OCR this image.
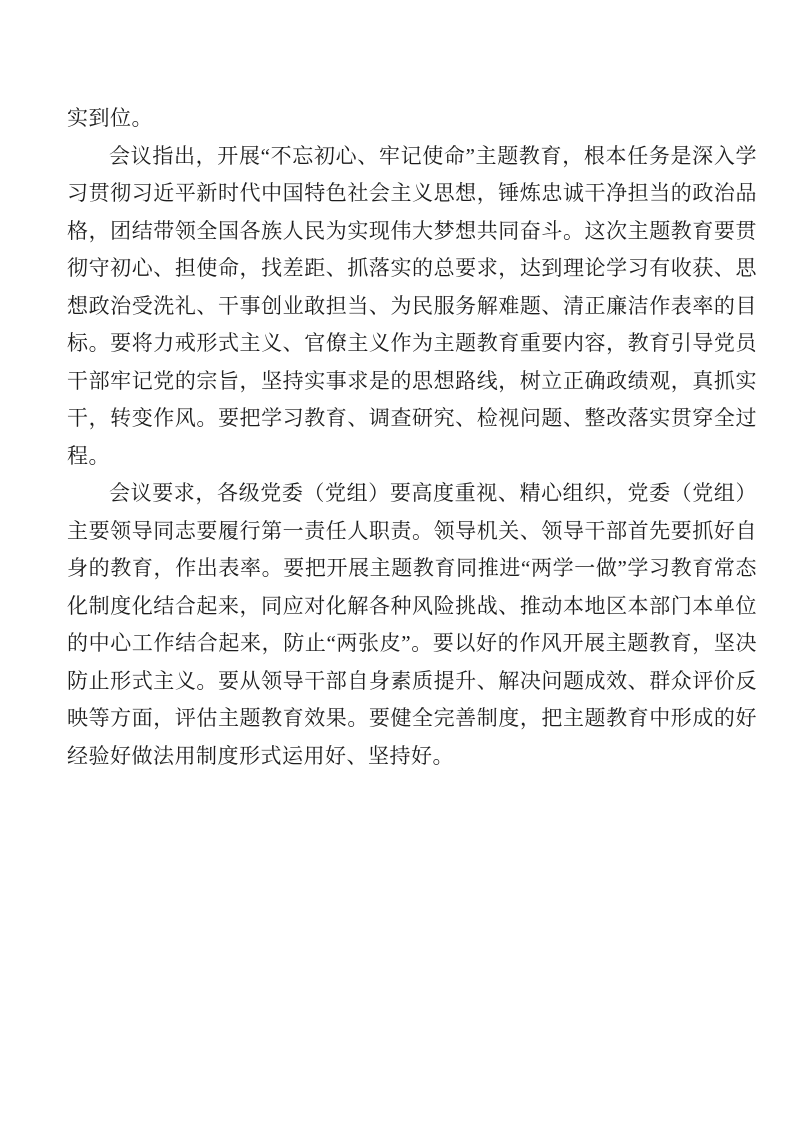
实到位。

会议指出，开展“不忘初心、牢记使命”主题教育，根本任务是深入学习贯彻习近平新时代中国特色社会主义思想，锤炼忠诚干净担当的政治品格，团结带领全国各族人民为实现伟大梦想共同奋斗。这次主题教育要贯彻守初心、担使命，找差距、抓落实的总要求，达到理论学习有收获、思想政治受洗礼、干事创业敢担当、为民服务解难题、清正廉洁作表率的目标。要将力戒形式主义、官僚主义作为主题教育重要内容，教育引导党员干部牢记党的宗旨，坚持实事求是的思想路线，树立正确政绩观，真抓实干，转变作风。要把学习教育、调查研究、检视问题、整改落实贯穿全过程。

会议要求，各级党委（党组）要高度重视、精心组织，党委（党组）主要领导同志要履行第一责任人职责。领导机关、领导干部首先要抓好自身的教育，作出表率。要把开展主题教育同推进“两学一做”学习教育常态化制度化结合起来，同应对化解各种风险挑战、推动本地区本部门本单位的中心工作结合起来，防止“两张皮”。要以好的作风开展主题教育，坚决防止形式主义。要从领导干部自身素质提升、解决问题成效、群众评价反映等方面，评估主题教育效果。要健全完善制度，把主题教育中形成的好经验好做法用制度形式运用好、坚持好。
